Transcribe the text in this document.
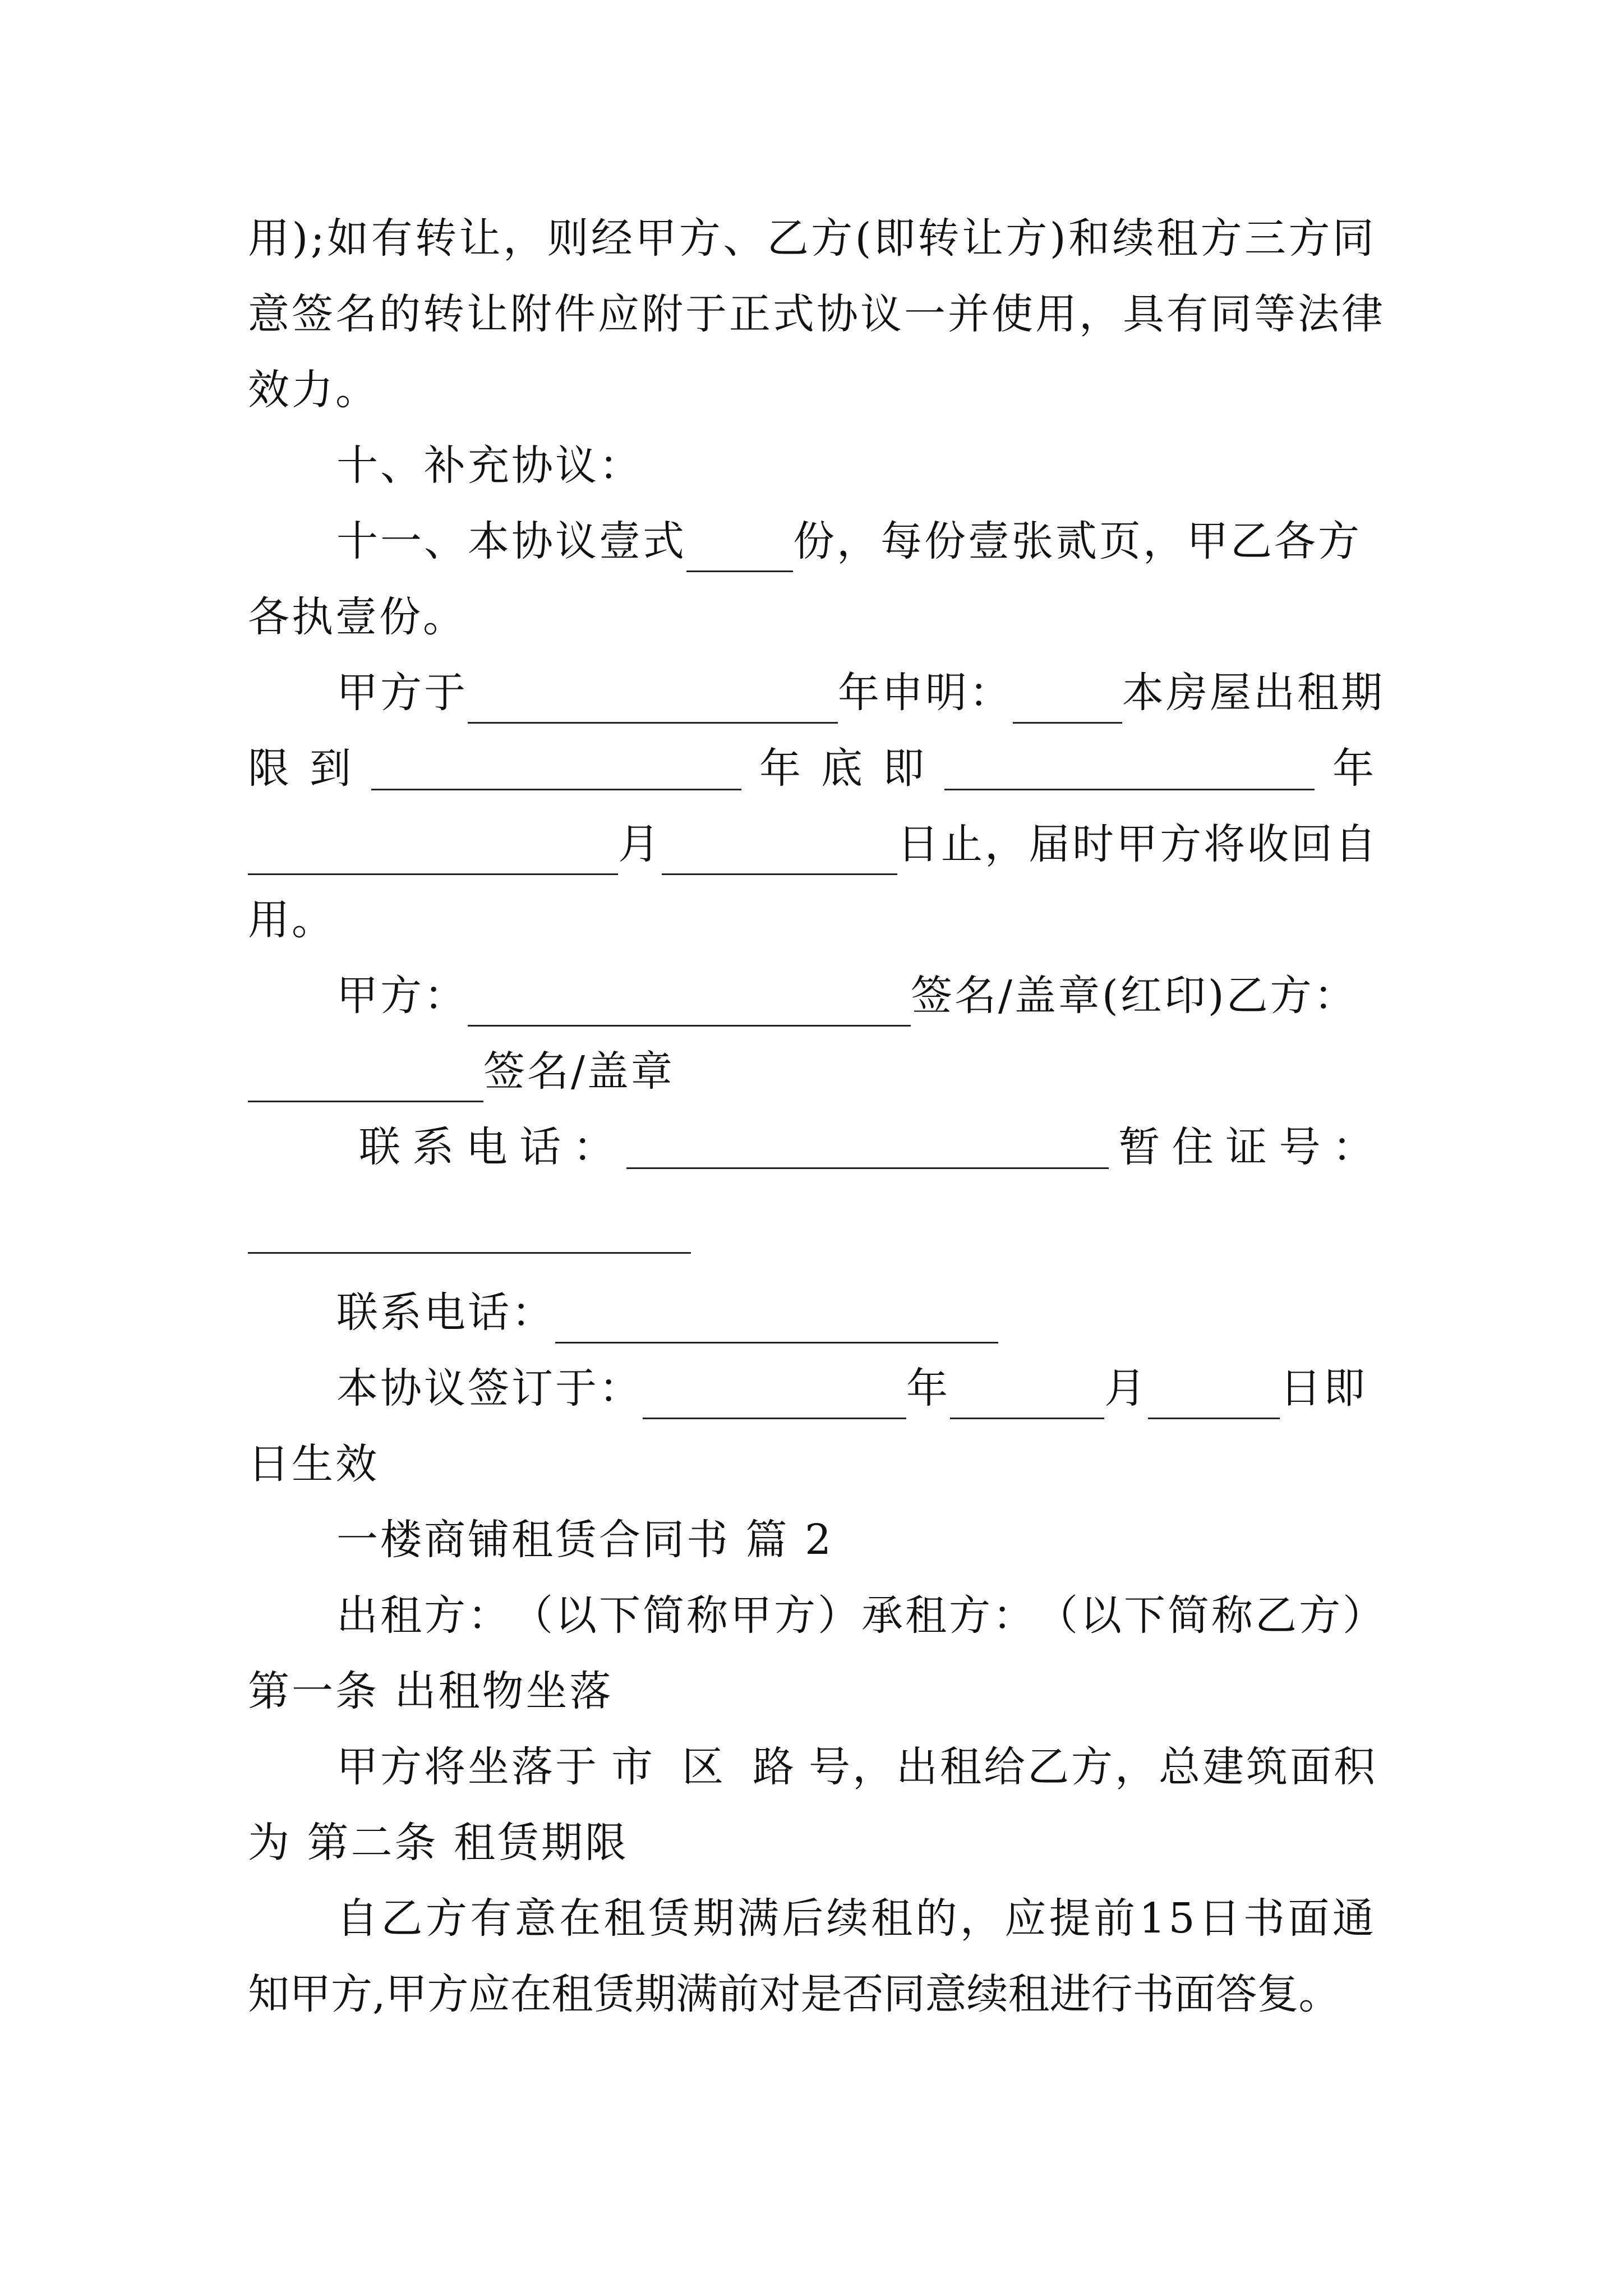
用 ) ; 如 有 转 让 ， 则 经 甲 方 、 乙 方 ( 即 转 让 方 ) 和 续 租 方 三 方 同
意 签 名 的 转 让 附 件 应 附 于 正 式 协 议 一 并 使 用 ， 具 有 同 等 法 律
效力。
十、补充协议：
十一、本协议壹式	份，每份壹张贰页，甲乙各方
各执壹份。
甲方于	年申明：	本房屋出租期
限 到	年 底 即	年
月	日止，届时甲方将收回自
用。
甲方：	签名/盖章(红印)乙方：
签名/盖章
联 系 电 话 ：	暂 住 证 号 ：
联系电话：
本协议签订于：	年	月	日即
日生效
一楼商铺租赁合同书 篇 2
出 租 方 ： （ 以 下 简 称 甲 方 ） 承 租 方 ： （ 以 下 简 称 乙 方 ）
第一条 出租物坐落
甲方将坐落于 市 区 路 号，出租给乙方，总建筑面积
为 第二条 租赁期限
自 乙 方 有 意 在 租 赁 期 满 后 续 租 的 ， 应 提 前 1 5 日 书 面 通
知甲方,甲方应在租赁期满前对是否同意续租进行书面答复。
